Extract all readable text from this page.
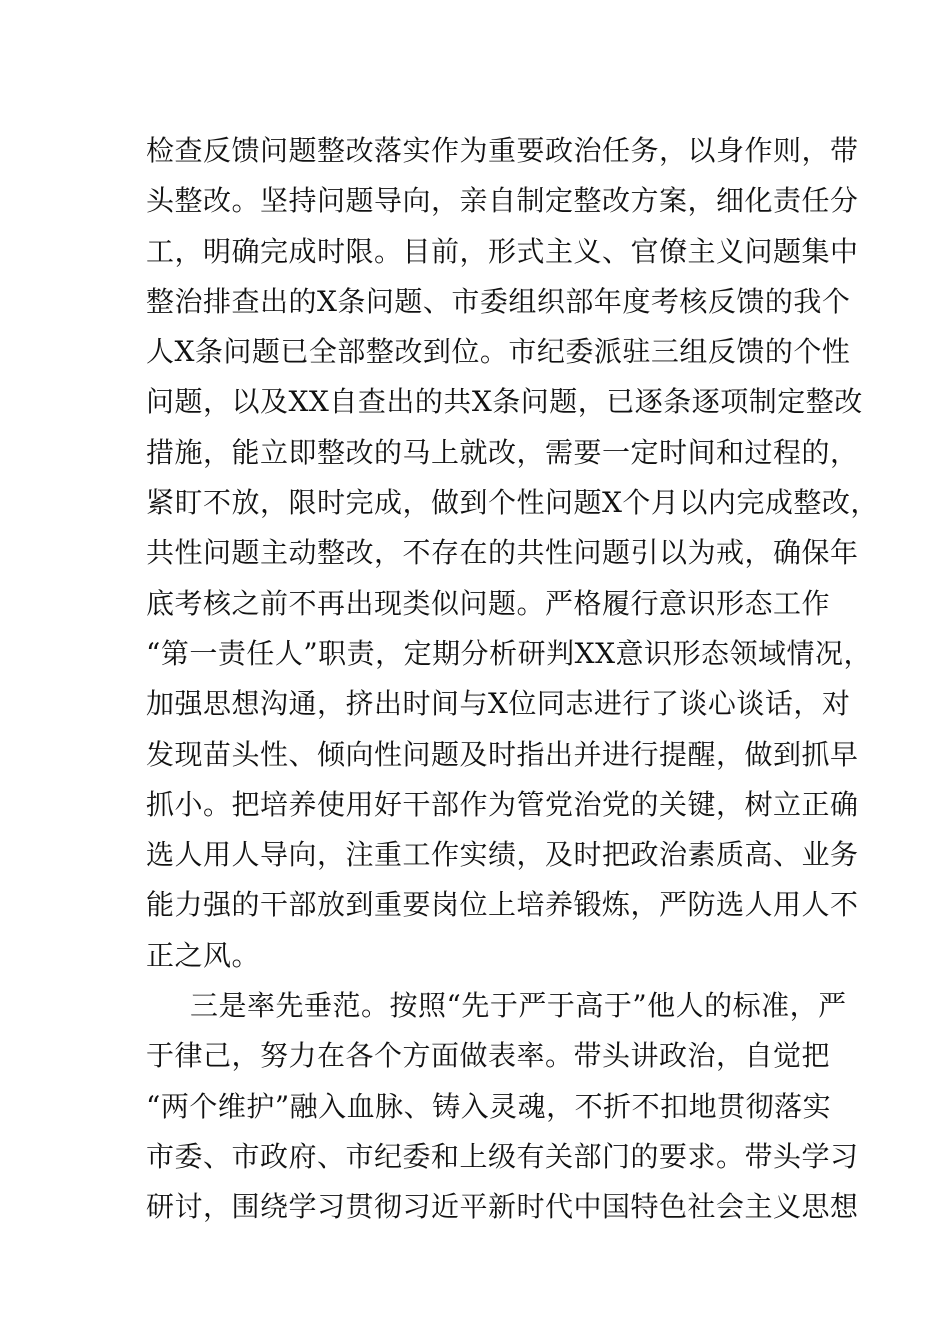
检查反馈问题整改落实作为重要政治任务，以身作则，带
头整改。坚持问题导向，亲自制定整改方案，细化责任分
工，明确完成时限。目前，形式主义、官僚主义问题集中
整治排查出的X条问题、市委组织部年度考核反馈的我个
人X条问题已全部整改到位。市纪委派驻三组反馈的个性
问题，以及XX自查出的共X条问题，已逐条逐项制定整改
措施，能立即整改的马上就改，需要一定时间和过程的，
紧盯不放，限时完成，做到个性问题X个月以内完成整改，
共性问题主动整改，不存在的共性问题引以为戒，确保年
底考核之前不再出现类似问题。严格履行意识形态工作
“第一责任人”职责，定期分析研判XX意识形态领域情况，
加强思想沟通，挤出时间与X位同志进行了谈心谈话，对
发现苗头性、倾向性问题及时指出并进行提醒，做到抓早
抓小。把培养使用好干部作为管党治党的关键，树立正确
选人用人导向，注重工作实绩，及时把政治素质高、业务
能力强的干部放到重要岗位上培养锻炼，严防选人用人不
正之风。
三是率先垂范。按照“先于严于高于”他人的标准，严
于律己，努力在各个方面做表率。带头讲政治，自觉把
“两个维护”融入血脉、铸入灵魂，不折不扣地贯彻落实
市委、市政府、市纪委和上级有关部门的要求。带头学习
研讨，围绕学习贯彻习近平新时代中国特色社会主义思想
